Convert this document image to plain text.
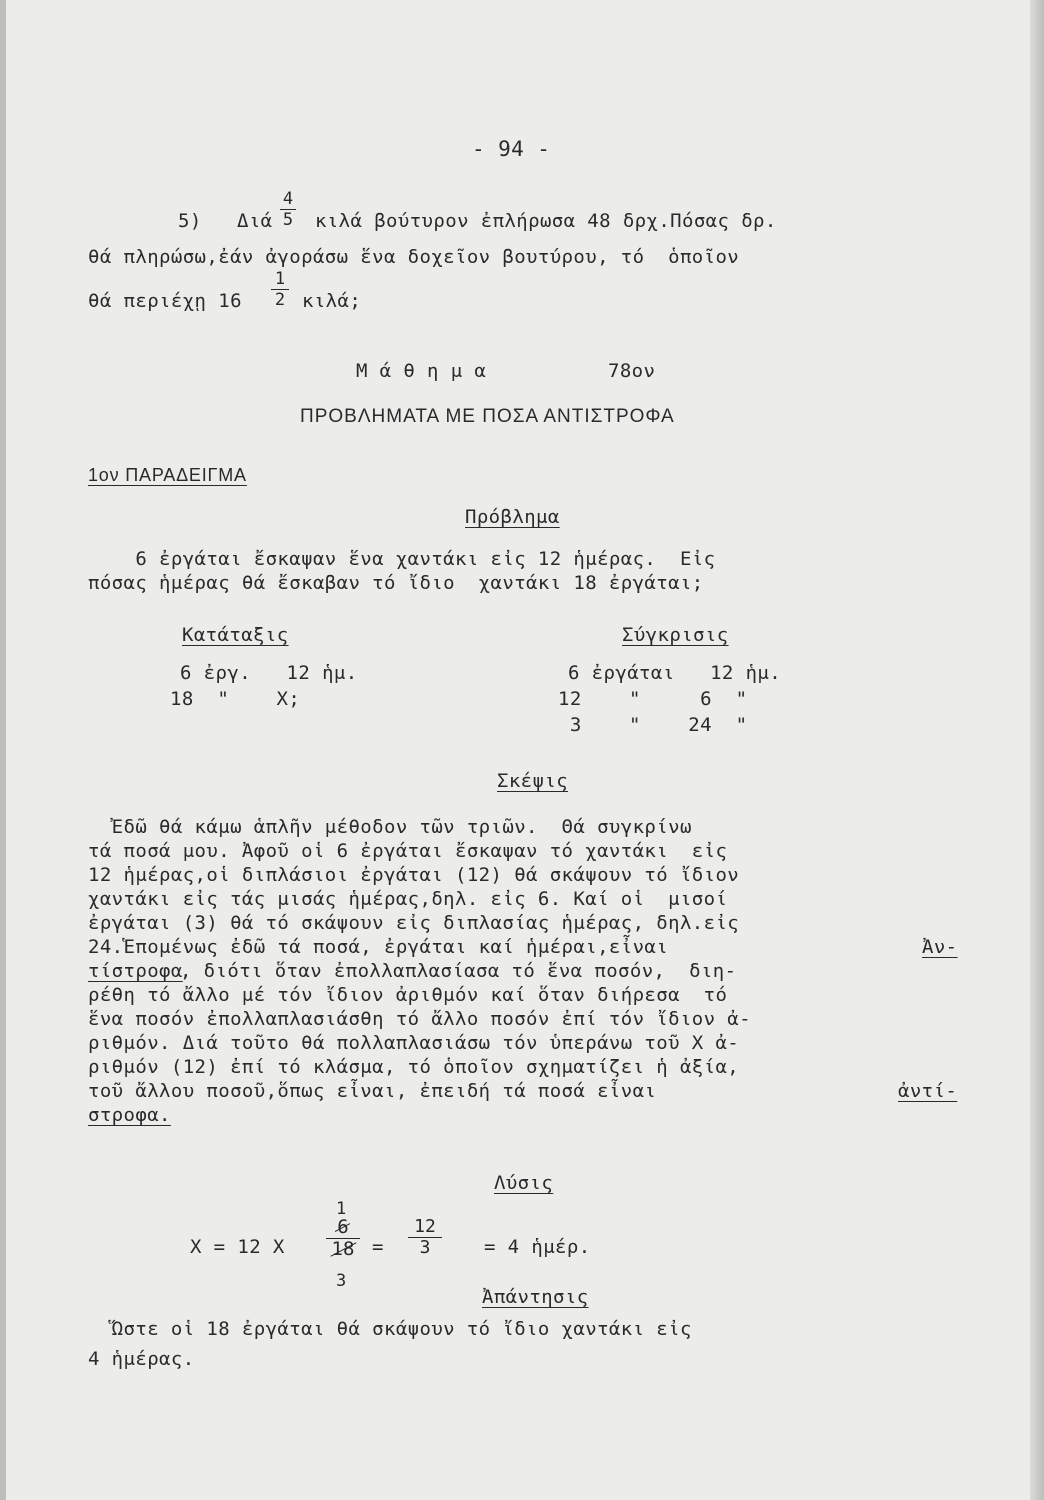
- 94 -
5) Διά
4
5 κιλά βούτυρον ἐπλήρωσα 48 δρχ.Πόσας δρ.
θά πληρώσω,ἐάν ἀγοράσω ἕνα δοχεῖον βουτύρου, τό  ὁποῖον
θά περιέχῃ 16
1
2 κιλά;
Μ ά θ η μ α	78ον
ΠΡΟΒΛΗΜΑΤΑ ΜΕ ΠΟΣΑ ΑΝΤΙΣΤΡΟΦΑ
1ον ΠΑΡΑΔΕΙΓΜΑ
Πρόβλημα
6 ἐργάται ἔσκαψαν ἕνα χαντάκι εἰς 12 ἡμέρας.  Εἰς
πόσας ἡμέρας θά ἔσκαβαν τό ἴδιο  χαντάκι 18 ἐργάται;
Κατάταξις
6 ἐργ.   12 ἡμ.
18  "    Χ;
Σύγκρισις
6 ἐργάται   12 ἡμ.
12    "     6  "
3    "    24  "
Σκέψις
Ἐδῶ θά κάμω ἁπλῆν μέθοδον τῶν τριῶν.  Θά συγκρίνω
τά ποσά μου. Ἀφοῦ οἱ 6 ἐργάται ἔσκαψαν τό χαντάκι  εἰς
12 ἡμέρας,οἱ διπλάσιοι ἐργάται (12) θά σκάψουν τό ἴδιον
χαντάκι εἰς τάς μισάς ἡμέρας,δηλ. εἰς 6. Καί οἱ  μισοί
ἐργάται (3) θά τό σκάψουν εἰς διπλασίας ἡμέρας, δηλ.εἰς
24.Ἑπομένως ἐδῶ τά ποσά, ἐργάται καί ἡμέραι,εἶναι	Ἀν-
τίστροφα
, διότι ὅταν ἐπολλαπλασίασα τό ἕνα ποσόν,  διη-
ρέθη τό ἄλλο μέ τόν ἴδιον ἀριθμόν καί ὅταν διήρεσα  τό
ἕνα ποσόν ἐπολλαπλασιάσθη τό ἄλλο ποσόν ἐπί τόν ἴδιον ἀ-
ριθμόν. Διά τοῦτο θά πολλαπλασιάσω τόν ὑπεράνω τοῦ Χ ἀ-
ριθμόν (12) ἐπί τό κλάσμα, τό ὁποῖον σχηματίζει ἡ ἀξία,
τοῦ ἄλλου ποσοῦ,ὅπως εἶναι, ἐπειδή τά ποσά εἶναι	ἀντί-
στροφα.
Λύσις
1
Χ = 12 Χ
6
18 =
12
3	= 4 ἡμέρ.
3
Ἀπάντησις
Ὥστε οἱ 18 ἐργάται θά σκάψουν τό ἴδιο χαντάκι εἰς
4 ἡμέρας.
